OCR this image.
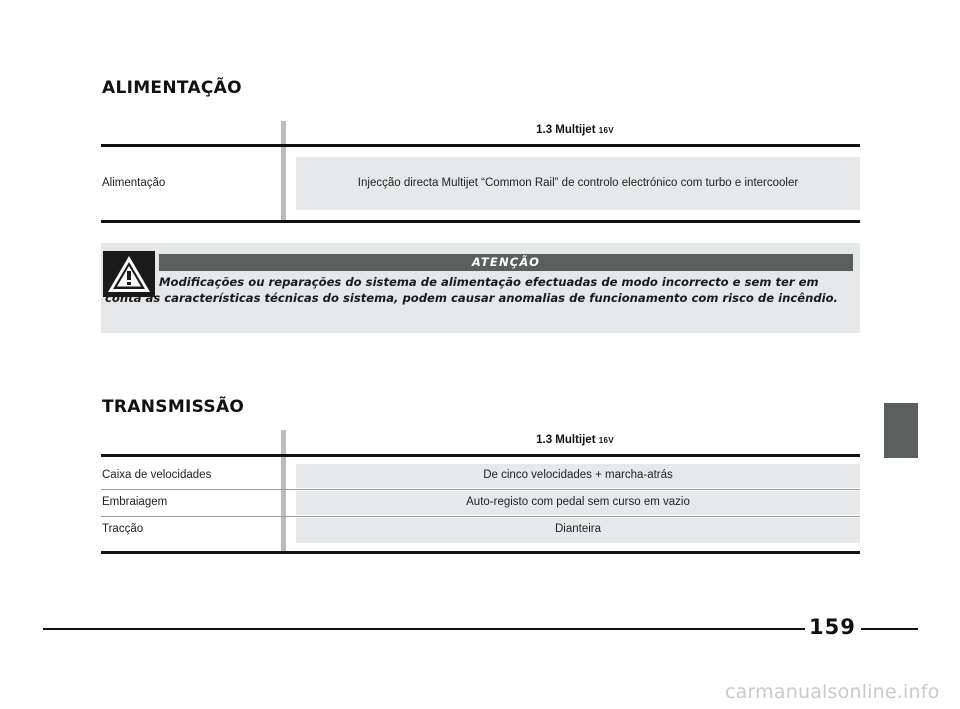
ALIMENTAÇÃO
1.3 Multijet 16V
Alimentação	Injecção directa Multijet “Common Rail” de controlo electrónico com turbo e intercooler
ATENÇÃO
Modificações ou reparações do sistema de alimentação efectuadas de modo incorrecto e sem ter em conta as características técnicas do sistema, podem causar anomalias de funcionamento com risco de incêndio.
TRANSMISSÃO
1.3 Multijet 16V
Caixa de velocidades	De cinco velocidades + marcha-atrás
Embraiagem	Auto-registo com pedal sem curso em vazio
Tracção	Dianteira
159
carmanualsonline.info
